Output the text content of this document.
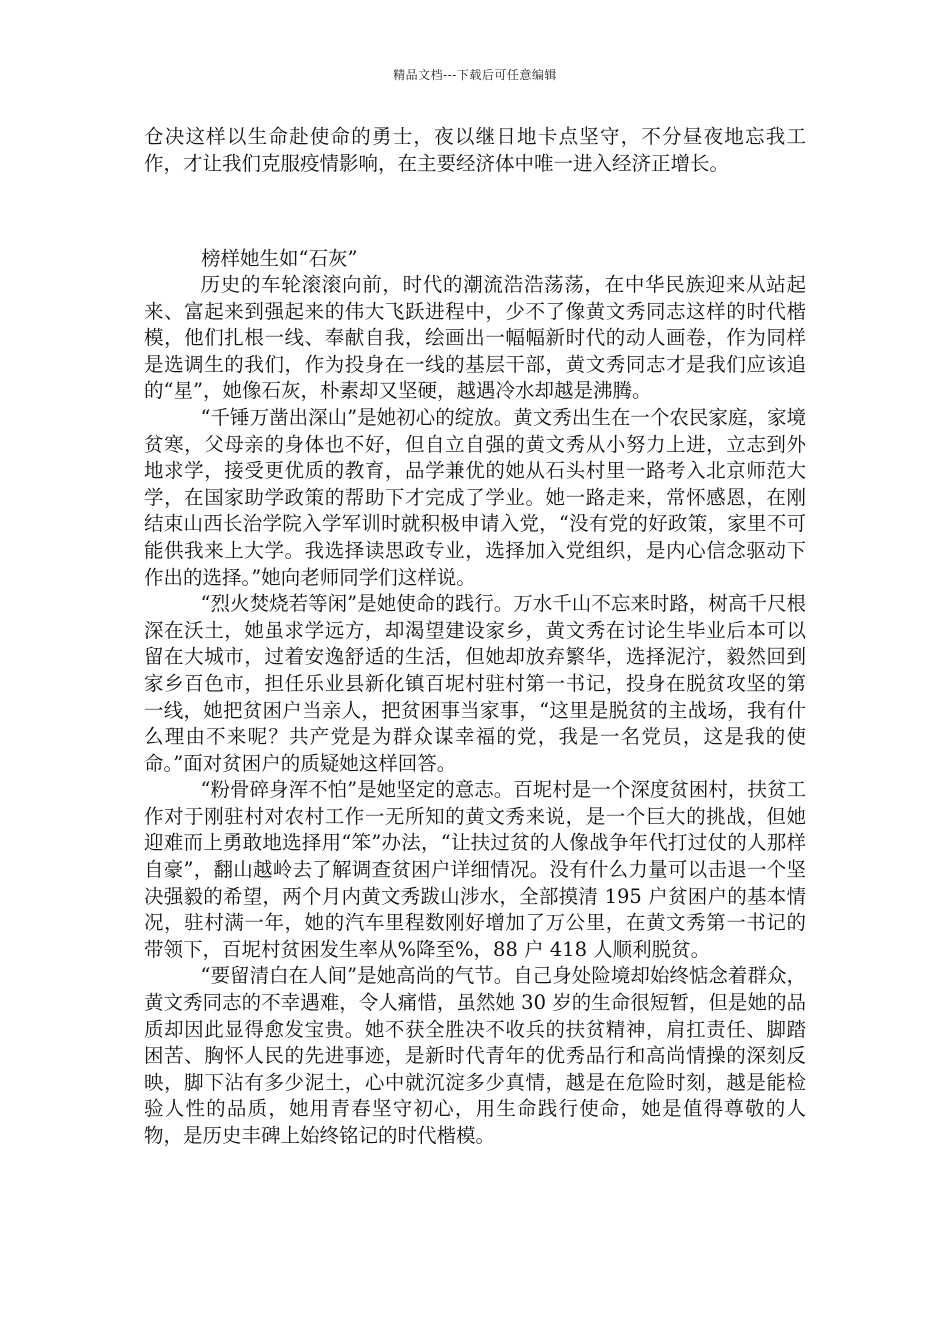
精品文档---下载后可任意编辑

仓决这样以生命赴使命的勇士，夜以继日地卡点坚守，不分昼夜地忘我工作，才让我们克服疫情影响，在主要经济体中唯一进入经济正增长。

榜样她生如“石灰”

历史的车轮滚滚向前，时代的潮流浩浩荡荡，在中华民族迎来从站起来、富起来到强起来的伟大飞跃进程中，少不了像黄文秀同志这样的时代楷模，他们扎根一线、奉献自我，绘画出一幅幅新时代的动人画卷，作为同样是选调生的我们，作为投身在一线的基层干部，黄文秀同志才是我们应该追的“星”，她像石灰，朴素却又坚硬，越遇冷水却越是沸腾。

“千锤万凿出深山”是她初心的绽放。黄文秀出生在一个农民家庭，家境贫寒，父母亲的身体也不好，但自立自强的黄文秀从小努力上进，立志到外地求学，接受更优质的教育，品学兼优的她从石头村里一路考入北京师范大学，在国家助学政策的帮助下才完成了学业。她一路走来，常怀感恩，在刚结束山西长治学院入学军训时就积极申请入党，“没有党的好政策，家里不可能供我来上大学。我选择读思政专业，选择加入党组织，是内心信念驱动下作出的选择。”她向老师同学们这样说。

“烈火焚烧若等闲”是她使命的践行。万水千山不忘来时路，树高千尺根深在沃土，她虽求学远方，却渴望建设家乡，黄文秀在讨论生毕业后本可以留在大城市，过着安逸舒适的生活，但她却放弃繁华，选择泥泞，毅然回到家乡百色市，担任乐业县新化镇百坭村驻村第一书记，投身在脱贫攻坚的第一线，她把贫困户当亲人，把贫困事当家事，“这里是脱贫的主战场，我有什么理由不来呢？共产党是为群众谋幸福的党，我是一名党员，这是我的使命。”面对贫困户的质疑她这样回答。

“粉骨碎身浑不怕”是她坚定的意志。百坭村是一个深度贫困村，扶贫工作对于刚驻村对农村工作一无所知的黄文秀来说，是一个巨大的挑战，但她迎难而上勇敢地选择用“笨”办法，“让扶过贫的人像战争年代打过仗的人那样自豪”，翻山越岭去了解调查贫困户详细情况。没有什么力量可以击退一个坚决强毅的希望，两个月内黄文秀跋山涉水，全部摸清 195 户贫困户的基本情况，驻村满一年，她的汽车里程数刚好增加了万公里，在黄文秀第一书记的带领下，百坭村贫困发生率从%降至%，88 户 418 人顺利脱贫。

“要留清白在人间”是她高尚的气节。自己身处险境却始终惦念着群众，黄文秀同志的不幸遇难，令人痛惜，虽然她 30 岁的生命很短暂，但是她的品质却因此显得愈发宝贵。她不获全胜决不收兵的扶贫精神，肩扛责任、脚踏困苦、胸怀人民的先进事迹，是新时代青年的优秀品行和高尚情操的深刻反映，脚下沾有多少泥土，心中就沉淀多少真情，越是在危险时刻，越是能检验人性的品质，她用青春坚守初心，用生命践行使命，她是值得尊敬的人物，是历史丰碑上始终铭记的时代楷模。
